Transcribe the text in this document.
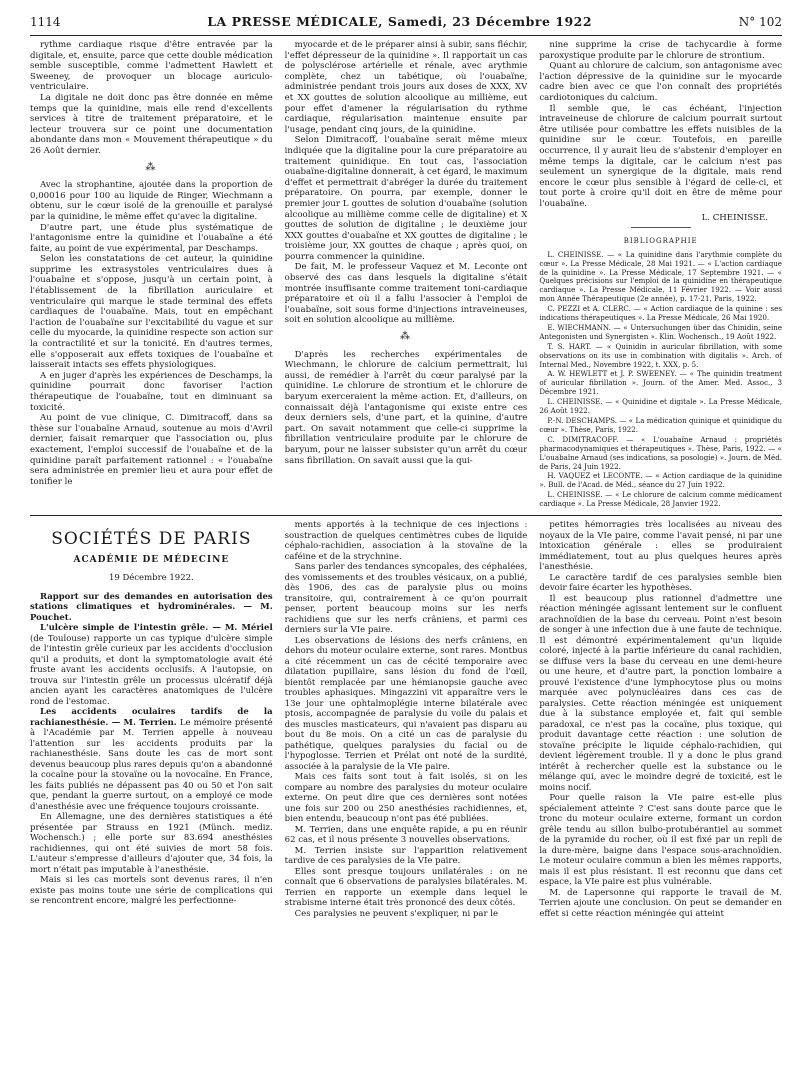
1114	LA PRESSE MÉDICALE, Samedi, 23 Décembre 1922	N° 102

rythme cardiaque risque d'être entravée par la digitale, et, ensuite, parce que cette double médication semble susceptible, comme l'admettent Hawlett et Sweeney, de provoquer un blocage auriculo-ventriculaire.

La digitale ne doit donc pas être donnée en même temps que la quinidine, mais elle rend d'excellents services à titre de traitement préparatoire, et le lecteur trouvera sur ce point une documentation abondante dans mon « Mouvement thérapeutique » du 26 Août dernier.

⁂

Avec la strophantine, ajoutée dans la proportion de 0,00016 pour 100 au liquide de Ringer, Wiechmann a obtenu, sur le cœur isolé de la grenouille et paralysé par la quinidine, le même effet qu'avec la digitaline.

D'autre part, une étude plus systématique de l'antagonisme entre la quinidine et l'ouabaïne a été faite, au point de vue expérimental, par Deschamps.

Selon les constatations de cet auteur, la quinidine supprime les extrasystoles ventriculaires dues à l'ouabaïne et s'oppose, jusqu'à un certain point, à l'établissement de la fibrillation auriculaire et ventriculaire qui marque le stade terminal des effets cardiaques de l'ouabaïne. Mais, tout en empêchant l'action de l'ouabaïne sur l'excitabilité du vague et sur celle du myocarde, la quinidine respecte son action sur la contractilité et sur la tonicité. En d'autres termes, elle s'opposerait aux effets toxiques de l'ouabaïne et laisserait intacts ses effets physiologiques.

A en juger d'après les expériences de Deschamps, la quinidine pourrait donc favoriser l'action thérapeutique de l'ouabaïne, tout en diminuant sa toxicité.

Au point de vue clinique, C. Dimitracoff, dans sa thèse sur l'ouabaïne Arnaud, soutenue au mois d'Avril dernier, faisait remarquer que l'association ou, plus exactement, l'emploi successif de l'ouabaïne et de la quinidine paraît parfaitement rationnel : « l'ouabaïne sera administrée en premier lieu et aura pour effet de tonifier le

myocarde et de le préparer ainsi à subir, sans fléchir, l'effet dépresseur de la quinidine ». Il rapportait un cas de polysclérose artérielle et rénale, avec arythmie complète, chez un tabétique, où l'ouabaïne, administrée pendant trois jours aux doses de XXX, XV et XX gouttes de solution alcoolique au millième, eut pour effet d'amener la régularisation du rythme cardiaque, régularisation maintenue ensuite par l'usage, pendant cinq jours, de la quinidine.

Selon Dimitracoff, l'ouabaïne serait même mieux indiquée que la digitaline pour la cure préparatoire au traitement quinidique. En tout cas, l'association ouabaïne-digitaline donnerait, à cet égard, le maximum d'effet et permettrait d'abréger la durée du traitement préparatoire. On pourra, par exemple, donner le premier jour L gouttes de solution d'ouabaïne (solution alcoolique au millième comme celle de digitaline) et X gouttes de solution de digitaline ; le deuxième jour XXX gouttes d'ouabaïne et XX gouttes de digitaline ; le troisième jour, XX gouttes de chaque ; après quoi, on pourra commencer la quinidine.

De fait, M. le professeur Vaquez et M. Leconte ont observé des cas dans lesquels la digitaline s'était montrée insuffisante comme traitement toni-cardiaque préparatoire et où il a fallu l'associer à l'emploi de l'ouabaïne, soit sous forme d'injections intraveineuses, soit en solution alcoolique au millième.

⁂

D'après les recherches expérimentales de Wiechmann, le chlorure de calcium permettrait, lui aussi, de remédier à l'arrêt du cœur paralysé par la quinidine. Le chlorure de strontium et le chlorure de baryum exerceraient la même action. Et, d'ailleurs, on connaissait déjà l'antagonisme qui existe entre ces deux derniers sels, d'une part, et la quinine, d'autre part. On savait notamment que celle-ci supprime la fibrillation ventriculaire produite par le chlorure de baryum, pour ne laisser subsister qu'un arrêt du cœur sans fibrillation. On savait aussi que la qui-

nine supprime la crise de tachycardie à forme paroxystique produite par le chlorure de strontium.

Quant au chlorure de calcium, son antagonisme avec l'action dépressive de la quinidine sur le myocarde cadre bien avec ce que l'on connaît des propriétés cardiotoniques du calcium.

Il semble que, le cas échéant, l'injection intraveineuse de chlorure de calcium pourrait surtout être utilisée pour combattre les effets nuisibles de la quinidine sur le cœur. Toutefois, en pareille occurrence, il y aurait lieu de s'abstenir d'employer en même temps la digitale, car le calcium n'est pas seulement un synergique de la digitale, mais rend encore le cœur plus sensible à l'égard de celle-ci, et tout porte à croire qu'il doit en être de même pour l'ouabaïne.

L. CHEINISSE.
BIBLIOGRAPHIE

L. CHEINISSE. — « La quinidine dans l'arythmie complète du cœur ». La Presse Médicale, 28 Mai 1921. — « L'action cardiaque de la quinidine ». La Presse Médicale, 17 Septembre 1921. — « Quelques précisions sur l'emploi de la quinidine en thérapeutique cardiaque ». La Presse Médicale, 11 Février 1922. — Voir aussi mon Année Thérapeutique (2e année), p. 17-21, Paris, 1922.

C. PEZZI et A. CLERC. — « Action cardiaque de la quinine : ses indications thérapeutiques ». La Presse Médicale, 26 Mai 1920.

E. WIECHMANN. — « Untersuchungen über das Chinidin, seine Antegonisten und Synergisten ». Klin. Wochensch., 19 Août 1922.

T. S. HART. — « Quinidin in auricular fibrillation, with some observations on its use in combination with digitalis ». Arch. of Internal Med., Novembre 1922, t. XXX, p. 5.

A. W. HEWLETT et J. P. SWEENEY. — « The quinidin treatment of auricular fibrillation ». Journ. of the Amer. Med. Assoc., 3 Décembre 1921.

L. CHEINISSE. — « Quinidine et digitale ». La Presse Médicale, 26 Août 1922.

P.-N. DESCHAMPS. — « La médication quinique et quinidique du cœur ». Thèse, Paris, 1922.

C. DIMITRACOFF. — « L'ouabaïne Arnaud : propriétés pharmacodynamiques et thérapeutiques ». Thèse, Paris, 1922. — « L'ouabaïne Arnaud (ses indications, sa posologie) ». Journ. de Méd. de Paris, 24 Juin 1922.

H. VAQUEZ et LECONTE. — « Action cardiaque de la quinidine ». Bull. de l'Acad. de Méd., séance du 27 Juin 1922.

L. CHEINISSE. — « Le chlorure de calcium comme médicament cardiaque ». La Presse Médicale, 28 Janvier 1922.

SOCIÉTÉS DE PARIS
ACADÉMIE DE MÉDECINE
19 Décembre 1922.

Rapport sur des demandes en autorisation des stations climatiques et hydrominérales. — M. Pouchet.

L'ulcère simple de l'intestin grêle. — M. Mériel (de Toulouse) rapporte un cas typique d'ulcère simple de l'intestin grêle curieux par les accidents d'occlusion qu'il a produits, et dont la symptomatologie avait été fruste avant les accidents occlusifs. A l'autopsie, on trouva sur l'intestin grêle un processus ulcératif déjà ancien ayant les caractères anatomiques de l'ulcère rond de l'estomac.

Les accidents oculaires tardifs de la rachianesthésie. — M. Terrien. Le mémoire présenté à l'Académie par M. Terrien appelle à nouveau l'attention sur les accidents produits par la rachianesthésie. Sans doute les cas de mort sont devenus beaucoup plus rares depuis qu'on a abandonné la cocaïne pour la stovaïne ou la novocaïne. En France, les faits publiés ne dépassent pas 40 ou 50 et l'on sait que, pendant la guerre surtout, on a employé ce mode d'anesthésie avec une fréquence toujours croissante.

En Allemagne, une des dernières statistiques a été présentée par Strauss en 1921 (Münch. mediz. Wochensch.) ; elle porte sur 83.694 anesthésies rachidiennes, qui ont été suivies de mort 58 fois. L'auteur s'empresse d'ailleurs d'ajouter que, 34 fois, la mort n'était pas imputable à l'anesthésie.

Mais si les cas mortels sont devenus rares, il n'en existe pas moins toute une série de complications qui se rencontrent encore, malgré les perfectionne-

ments apportés à la technique de ces injections : soustraction de quelques centimètres cubes de liquide céphalo-rachidien, association à la stovaïne de la caféine et de la strychnine.

Sans parler des tendances syncopales, des céphalées, des vomissements et des troubles vésicaux, on a publié, dès 1906, des cas de paralysie plus ou moins transitoire, qui, contrairement à ce qu'on pourrait penser, portent beaucoup moins sur les nerfs rachidiens que sur les nerfs crâniens, et parmi ces derniers sur la VIe paire.

Les observations de lésions des nerfs crâniens, en dehors du moteur oculaire externe, sont rares. Montbus a cité récemment un cas de cécité temporaire avec dilatation pupillaire, sans lésion du fond de l'œil, bientôt remplacée par une hémianopsie gauche avec troubles aphasiques. Mingazzini vit apparaître vers le 13e jour une ophtalmoplégie interne bilatérale avec ptosis, accompagnée de paralysie du voile du palais et des muscles masticateurs, qui n'avaient pas disparu au bout du 8e mois. On a cité un cas de paralysie du pathétique, quelques paralysies du facial ou de l'hypoglosse. Terrien et Prélat ont noté de la surdité, associée à la paralysie de la VIe paire.

Mais ces faits sont tout à fait isolés, si on les compare au nombre des paralysies du moteur oculaire externe. On peut dire que ces dernières sont notées une fois sur 200 ou 250 anesthésies rachidiennes, et, bien entendu, beaucoup n'ont pas été publiées.

M. Terrien, dans une enquête rapide, a pu en réunir 62 cas, et il nous présente 3 nouvelles observations.

M. Terrien insiste sur l'apparition relativement tardive de ces paralysies de la VIe paire.

Elles sont presque toujours unilatérales : on ne connaît que 6 observations de paralysies bilatérales. M. Terrien en rapporte un exemple dans lequel le strabisme interne était très prononcé des deux côtés.

Ces paralysies ne peuvent s'expliquer, ni par le

petites hémorragies très localisées au niveau des noyaux de la VIe paire, comme l'avait pensé, ni par une intoxication générale : elles se produiraient immédiatement, tout au plus quelques heures après l'anesthésie.

Le caractère tardif de ces paralysies semble bien devoir faire écarter les hypothèses.

Il est beaucoup plus rationnel d'admettre une réaction méningée agissant lentement sur le confluent arachnoïdien de la base du cerveau. Point n'est besoin de songer à une infection due à une faute de technique. Il est démontré expérimentalement qu'un liquide coloré, injecté à la partie inférieure du canal rachidien, se diffuse vers la base du cerveau en une demi-heure ou une heure, et d'autre part, la ponction lombaire a prouvé l'existence d'une lymphocytose plus ou moins marquée avec polynucléaires dans ces cas de paralysies. Cette réaction méningée est uniquement due à la substance employée et, fait qui semble paradoxal, ce n'est pas la cocaïne, plus toxique, qui produit davantage cette réaction : une solution de stovaïne précipite le liquide céphalo-rachidien, qui devient légèrement trouble. Il y a donc le plus grand intérêt à rechercher quelle est la substance ou le mélange qui, avec le moindre degré de toxicité, est le moins nocif.

Pour quelle raison la VIe paire est-elle plus spécialement atteinte ? C'est sans doute parce que le tronc du moteur oculaire externe, formant un cordon grêle tendu au sillon bulbo-protubérantiel au sommet de la pyramide du rocher, où il est fixé par un repli de la dure-mère, baigne dans l'espace sous-arachnoïdien. Le moteur oculaire commun a bien les mêmes rapports, mais il est plus résistant. Il est reconnu que dans cet espace, la VIe paire est plus vulnérable.

M. de Lapersonne qui rapporte le travail de M. Terrien ajoute une conclusion. On peut se demander en effet si cette réaction méningée qui atteint
